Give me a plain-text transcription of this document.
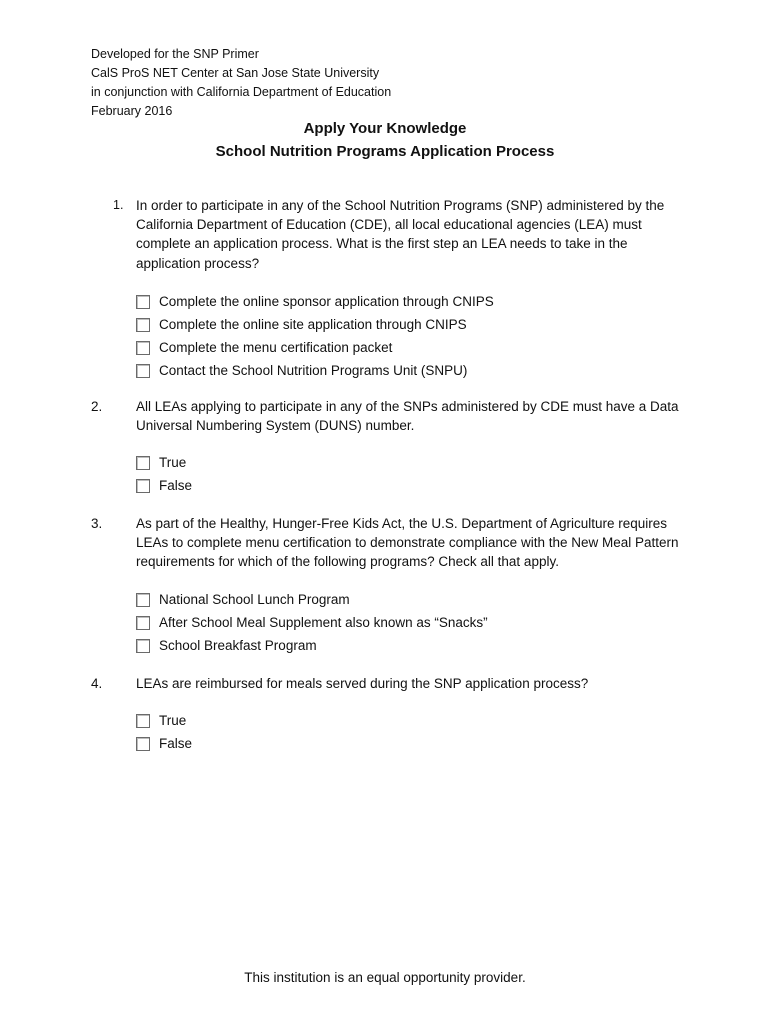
Developed for the SNP Primer
CalS ProS NET Center at San Jose State University
in conjunction with California Department of Education
February 2016
Apply Your Knowledge
School Nutrition Programs Application Process
1. In order to participate in any of the School Nutrition Programs (SNP) administered by the California Department of Education (CDE), all local educational agencies (LEA) must complete an application process. What is the first step an LEA needs to take in the application process?
Complete the online sponsor application through CNIPS
Complete the online site application through CNIPS
Complete the menu certification packet
Contact the School Nutrition Programs Unit (SNPU)
2. All LEAs applying to participate in any of the SNPs administered by CDE must have a Data Universal Numbering System (DUNS) number.
True
False
3. As part of the Healthy, Hunger-Free Kids Act, the U.S. Department of Agriculture requires LEAs to complete menu certification to demonstrate compliance with the New Meal Pattern requirements for which of the following programs? Check all that apply.
National School Lunch Program
After School Meal Supplement also known as “Snacks”
School Breakfast Program
4. LEAs are reimbursed for meals served during the SNP application process?
True
False
This institution is an equal opportunity provider.
